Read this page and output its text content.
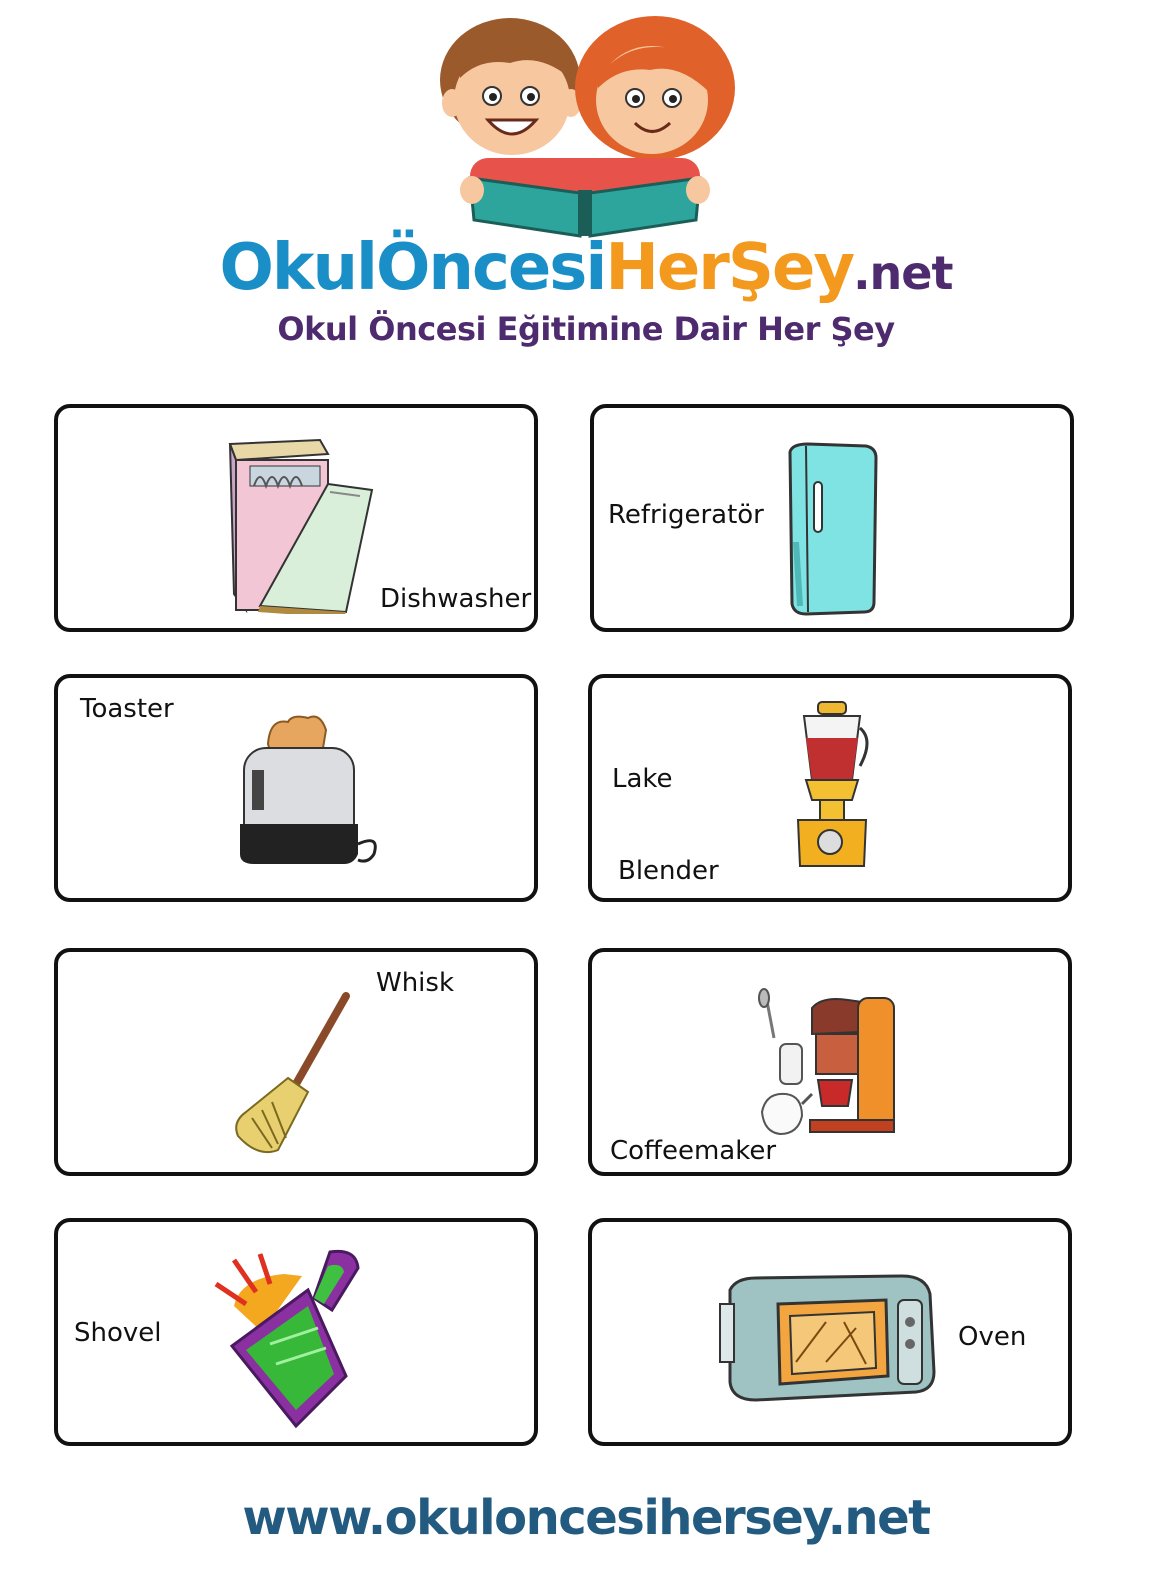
OkulÖncesiHerŞey.net
Okul Öncesi Eğitimine Dair Her Şey
Dishwasher
Refrigeratör
Toaster
Lake
Blender
Whisk
Coffeemaker
Shovel	Oven
www.okuloncesihersey.net
